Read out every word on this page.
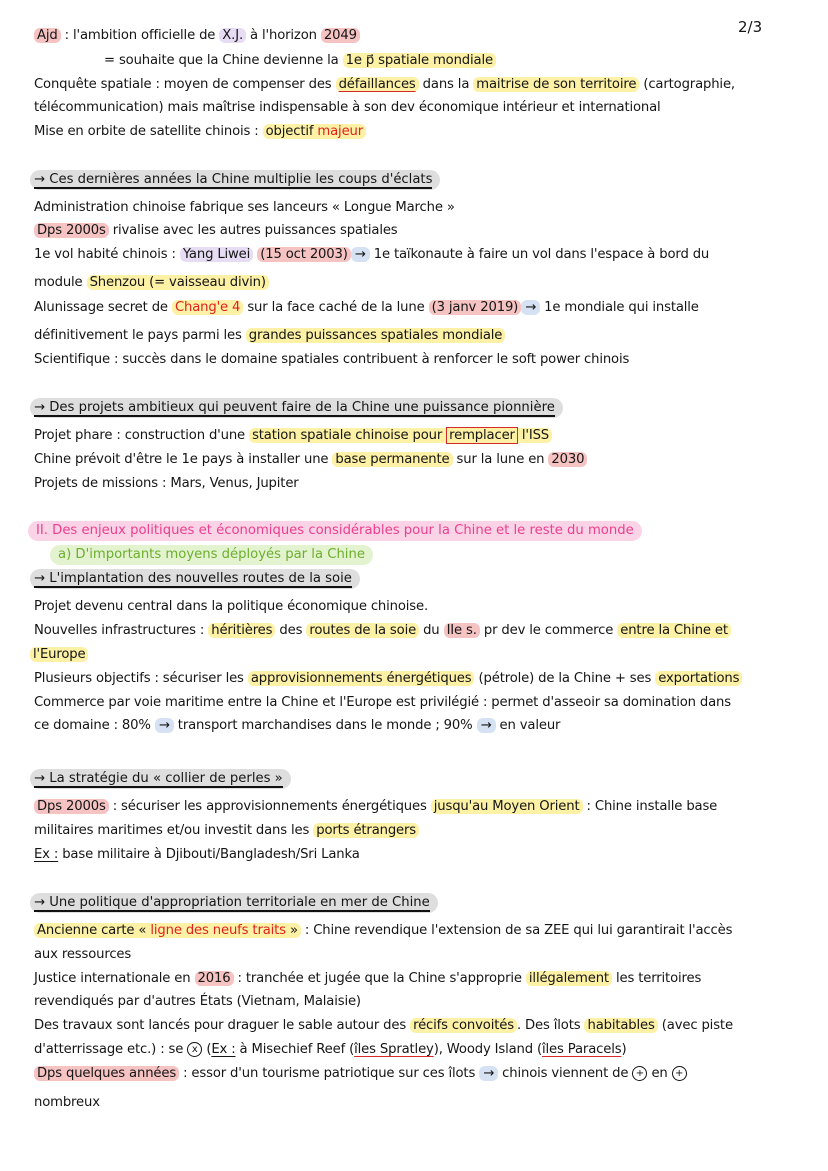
2/3
Ajd : l'ambition officielle de X.J. à l'horizon 2049
= souhaite que la Chine devienne la 1e p⃗ spatiale mondiale
Conquête spatiale : moyen de compenser des défaillances dans la maitrise de son territoire (cartographie,
télécommunication) mais maîtrise indispensable à son dev économique intérieur et international
Mise en orbite de satellite chinois : objectif majeur
→ Ces dernières années la Chine multiplie les coups d'éclats
Administration chinoise fabrique ses lanceurs « Longue Marche »
Dps 2000s rivalise avec les autres puissances spatiales
1e vol habité chinois : Yang Liwei (15 oct 2003) → 1e taïkonaute à faire un vol dans l'espace à bord du
module Shenzou (= vaisseau divin)
Alunissage secret de Chang'e 4 sur la face caché de la lune (3 janv 2019) → 1e mondiale qui installe
définitivement le pays parmi les grandes puissances spatiales mondiale
Scientifique : succès dans le domaine spatiales contribuent à renforcer le soft power chinois
→ Des projets ambitieux qui peuvent faire de la Chine une puissance pionnière
Projet phare : construction d'une station spatiale chinoise pour remplacer l'ISS
Chine prévoit d'être le 1e pays à installer une base permanente sur la lune en 2030
Projets de missions : Mars, Venus, Jupiter
II. Des enjeux politiques et économiques considérables pour la Chine et le reste du monde
a) D'importants moyens déployés par la Chine
→ L'implantation des nouvelles routes de la soie
Projet devenu central dans la politique économique chinoise.
Nouvelles infrastructures : héritières des routes de la soie du IIe s. pr dev le commerce entre la Chine et
l'Europe
Plusieurs objectifs : sécuriser les approvisionnements énergétiques (pétrole) de la Chine + ses exportations
Commerce par voie maritime entre la Chine et l'Europe est privilégié : permet d'asseoir sa domination dans
ce domaine : 80% → transport marchandises dans le monde ; 90% → en valeur
→ La stratégie du « collier de perles »
Dps 2000s : sécuriser les approvisionnements énergétiques jusqu'au Moyen Orient : Chine installe base
militaires maritimes et/ou investit dans les ports étrangers
Ex : base militaire à Djibouti/Bangladesh/Sri Lanka
→ Une politique d'appropriation territoriale en mer de Chine
Ancienne carte « ligne des neufs traits » : Chine revendique l'extension de sa ZEE qui lui garantirait l'accès
aux ressources
Justice internationale en 2016 : tranchée et jugée que la Chine s'approprie illégalement les territoires
revendiqués par d'autres États (Vietnam, Malaisie)
Des travaux sont lancés pour draguer le sable autour des récifs convoités . Des îlots habitables (avec piste
d'atterrissage etc.) : se x (Ex : à Misechief Reef (îles Spratley), Woody Island (îles Paracels)
Dps quelques années : essor d'un tourisme patriotique sur ces îlots → chinois viennent de + en +
nombreux
